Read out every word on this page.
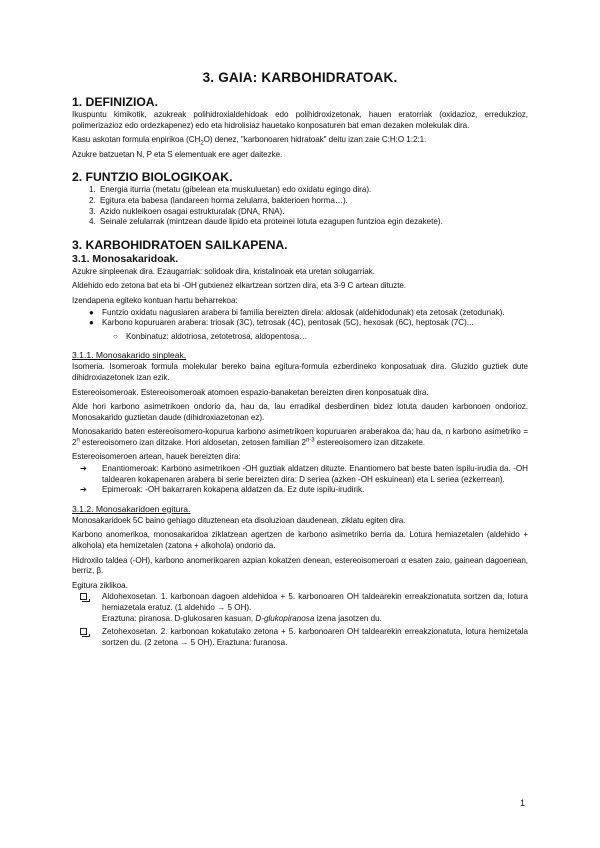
3. GAIA: KARBOHIDRATOAK.
1. DEFINIZIOA.

Ikuspuntu kimikotik, azukreak polihidroxialdehidoak edo polihidroxizetonak, hauen eratorriak (oxidazioz, erredukzioz, polimerizazioz edo ordezkapenez) edo eta hidrolisiaz hauetako konposaturen bat eman dezaken molekulak dira.

Kasu askotan formula enpirikoa $(CH_2O)$ denez, "karbonoaren hidratoak" deitu izan zaie C:H:O 1:2:1.

Azukre batzuetan N, P eta S elementuak ere ager daitezke.

2. FUNTZIO BIOLOGIKOAK.
1. Energia iturria (metatu (gibelean eta muskuluetan) edo oxidatu egingo dira).
2. Egitura eta babesa (landareen horma zelularra, bakterioen horma…).
3. Azido nukleikoen osagai estrukturalak (DNA, RNA).
4. Seinale zelularrak (mintzean daude lipido eta proteinei lotuta ezagupen funtzioa egin dezakete).
3. KARBOHIDRATOEN SAILKAPENA.
3.1. Monosakaridoak.

Azukre sinpleenak dira. Ezaugarriak: solidoak dira, kristalinoak eta uretan solugarriak.

Aldehido edo zetona bat eta bi -OH gutxienez elkartzean sortzen dira, eta 3-9 C artean dituzte.

Izendapena egiteko kontuan hartu beharrekoa:

● Funtzio oxidatu nagusiaren arabera bi familia bereizten direla: aldosak (aldehidodunak) eta zetosak (zetodunak).
● Karbono kopuruaren arabera: triosak (3C), tetrosak (4C), pentosak (5C), hexosak (6C), heptosak (7C)...
○ Konbinatuz: aldotriosa, zetotetrosa, aldopentosa…
3.1.1. Monosakarido sinpleak.

Isomeria. Isomeroak formula molekular bereko baina egitura-formula ezberdineko konposatuak dira. Gluzido guztiek dute dihidroxiazetonek izan ezik.

Estereoisomeroak. Estereoisomeroak atomoen espazio-banaketan bereizten diren konposatuak dira.

Alde hori karbono asimetrikoen ondorio da, hau da, lau erradikal desberdinen bidez lotuta dauden karbonoen ondorioz. Monosakarido guztietan daude (dihidroxiazetonan ez).

Monosakarido baten estereoisomero-kopurua karbono asimetrikoen kopuruaren araberakoa da; hau da, n karbono asimetriko = $2^n$ estereoisomero izan ditzake. Hori aldosetan, zetosen familian 2$^{n-3}$ estereoisomero izan ditzakete.

Estereoisomeroen artean, hauek bereizten dira:

➔ Enantiomeroak: Karbono asimetrikoen -OH guztiak aldatzen dituzte. Enantiomero bat beste baten ispilu-irudia da. -OH taldearen kokapenaren arabera bi serie bereizten dira: D seriea (azken -OH eskuinean) eta L seriea (ezkerrean).
➔ Epimeroak: -OH bakarraren kokapena aldatzen da. Ez dute ispilu-irudirik.
3.1.2. Monosakaridoen egitura.

Monosakaridoek 5C baino gehiago dituztenean eta disoluzioan daudenean, ziklatu egiten dira.

Karbono anomerikoa, monosakaridoa ziklatzean agertzen de karbono asimetriko berria da. Lotura hemiazetalen (aldehido + alkohola) eta hemizetalen (zatona + alkohola) ondorio da.

Hidroxilo taldea (-OH), karbono anomerikoaren azpian kokatzen denean, estereoisomeroari α esaten zaio, gainean dagoenean, berriz, β.

Egitura ziklikoa.

Aldohexosetan. 1. karbonoan dagoen aldehidoa + 5. karbonoaren OH taldearekin erreakzionatuta sortzen da, lotura hemiazetala eratuz. (1 aldehido → 5 OH).
Eraztuna: piranosa. D-glukosaren kasuan, D-glukopiranosa izena jasotzen du.
Zetohexosetan. 2. karbonoan kokatutako zetona + 5. karbonoaren OH taldearekin erreakzionatuta, lotura hemizetala sortzen du. (2 zetona → 5 OH). Eraztuna: furanosa.
1
